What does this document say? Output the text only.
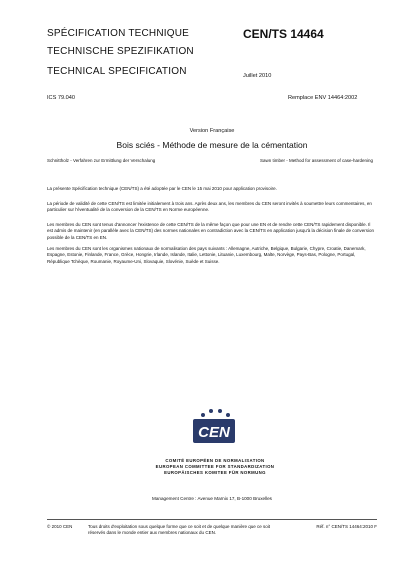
SPÉCIFICATION TECHNIQUE
TECHNISCHE SPEZIFIKATION
TECHNICAL SPECIFICATION
CEN/TS 14464
Juillet 2010
ICS 79.040	Remplace ENV 14464:2002
Version Française
Bois sciés - Méthode de mesure de la cémentation
Schnittholz - Verfahren zur Ermittlung der Verschalung	Sawn timber - Method for assessment of case-hardening
La présente Spécification technique (CEN/TS) a été adoptée par le CEN le 15 mai 2010 pour application provisoire.
La période de validité de cette CEN/TS est limitée initialement à trois ans. Après deux ans, les membres du CEN seront invités à soumettre leurs commentaires, en particulier sur l'éventualité de la conversion de la CEN/TS en Norme européenne.
Les membres du CEN sont tenus d'annoncer l'existence de cette CEN/TS de la même façon que pour une EN et de rendre cette CEN/TS rapidement disponible. Il est admis de maintenir (en parallèle avec la CEN/TS) des normes nationales en contradiction avec la CEN/TS en application jusqu'à la décision finale de conversion possible de la CEN/TS en EN.
Les membres du CEN sont les organismes nationaux de normalisation des pays suivants : Allemagne, Autriche, Belgique, Bulgarie, Chypre, Croatie, Danemark, Espagne, Estonie, Finlande, France, Grèce, Hongrie, Irlande, Islande, Italie, Lettonie, Lituanie, Luxembourg, Malte, Norvège, Pays-Bas, Pologne, Portugal, République Tchèque, Roumanie, Royaume-Uni, Slovaquie, Slovénie, Suède et Suisse.
CEN
COMITÉ EUROPÉEN DE NORMALISATION
EUROPEAN COMMITTEE FOR STANDARDIZATION
EUROPÄISCHES KOMITEE FÜR NORMUNG
Management Centre : Avenue Marnix 17, B-1000 Bruxelles
© 2010 CEN	Tous droits d'exploitation sous quelque forme que ce soit et de quelque manière que ce soit réservés dans le monde entier aux membres nationaux du CEN.
Réf. n° CEN/TS 14464:2010 F
